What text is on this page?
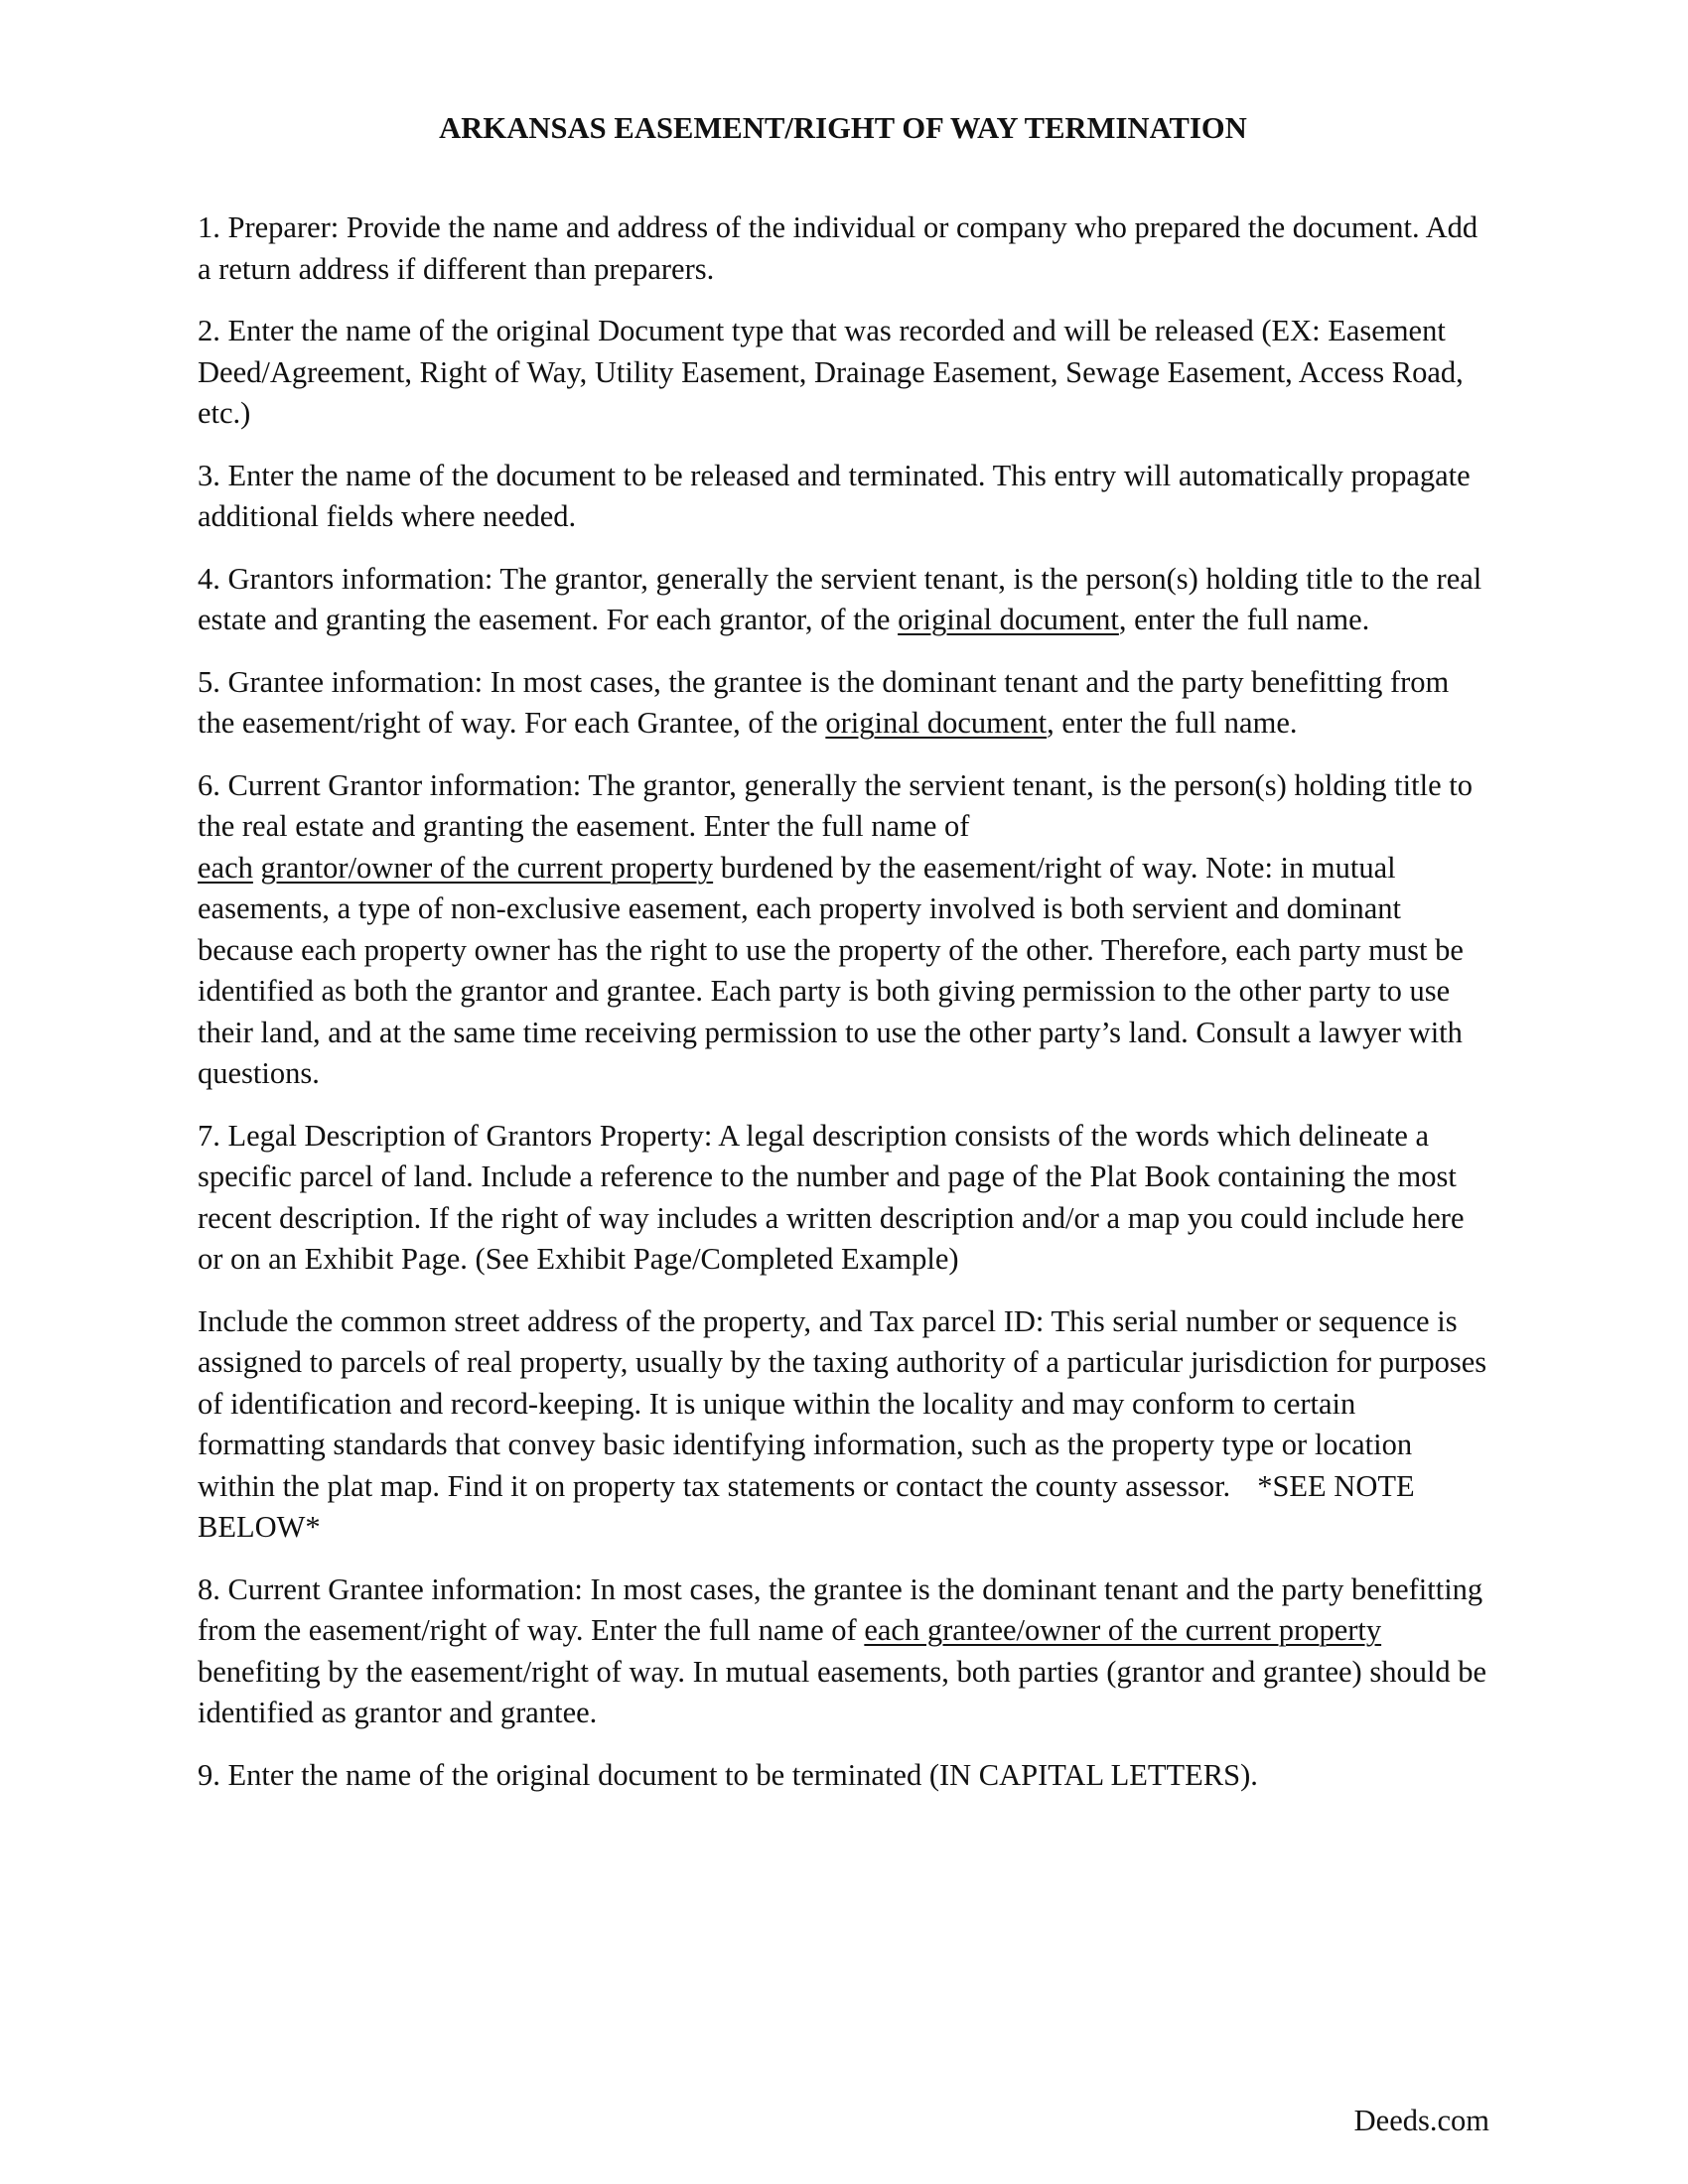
ARKANSAS EASEMENT/RIGHT OF WAY TERMINATION

1. Preparer: Provide the name and address of the individual or company who prepared the document. Add a return address if different than preparers.

2. Enter the name of the original Document type that was recorded and will be released (EX: Easement Deed/Agreement, Right of Way, Utility Easement, Drainage Easement, Sewage Easement, Access Road, etc.)

3. Enter the name of the document to be released and terminated. This entry will automatically propagate additional fields where needed.

4. Grantors information: The grantor, generally the servient tenant, is the person(s) holding title to the real estate and granting the easement. For each grantor, of the original document, enter the full name.

5. Grantee information: In most cases, the grantee is the dominant tenant and the party benefitting from the easement/right of way. For each Grantee, of the original document, enter the full name.

6. Current Grantor information: The grantor, generally the servient tenant, is the person(s) holding title to the real estate and granting the easement. Enter the full name of
each grantor/owner of the current property burdened by the easement/right of way. Note: in mutual easements, a type of non-exclusive easement, each property involved is both servient and dominant because each property owner has the right to use the property of the other. Therefore, each party must be identified as both the grantor and grantee. Each party is both giving permission to the other party to use their land, and at the same time receiving permission to use the other party’s land. Consult a lawyer with questions.

7. Legal Description of Grantors Property: A legal description consists of the words which delineate a specific parcel of land. Include a reference to the number and page of the Plat Book containing the most recent description. If the right of way includes a written description and/or a map you could include here or on an Exhibit Page. (See Exhibit Page/Completed Example)

Include the common street address of the property, and Tax parcel ID: This serial number or sequence is assigned to parcels of real property, usually by the taxing authority of a particular jurisdiction for purposes of identification and record-keeping. It is unique within the locality and may conform to certain formatting standards that convey basic identifying information, such as the property type or location within the plat map. Find it on property tax statements or contact the county assessor. *SEE NOTE BELOW*

8. Current Grantee information: In most cases, the grantee is the dominant tenant and the party benefitting from the easement/right of way. Enter the full name of each grantee/owner of the current property benefiting by the easement/right of way. In mutual easements, both parties (grantor and grantee) should be identified as grantor and grantee.

9. Enter the name of the original document to be terminated (IN CAPITAL LETTERS).

Deeds.com
